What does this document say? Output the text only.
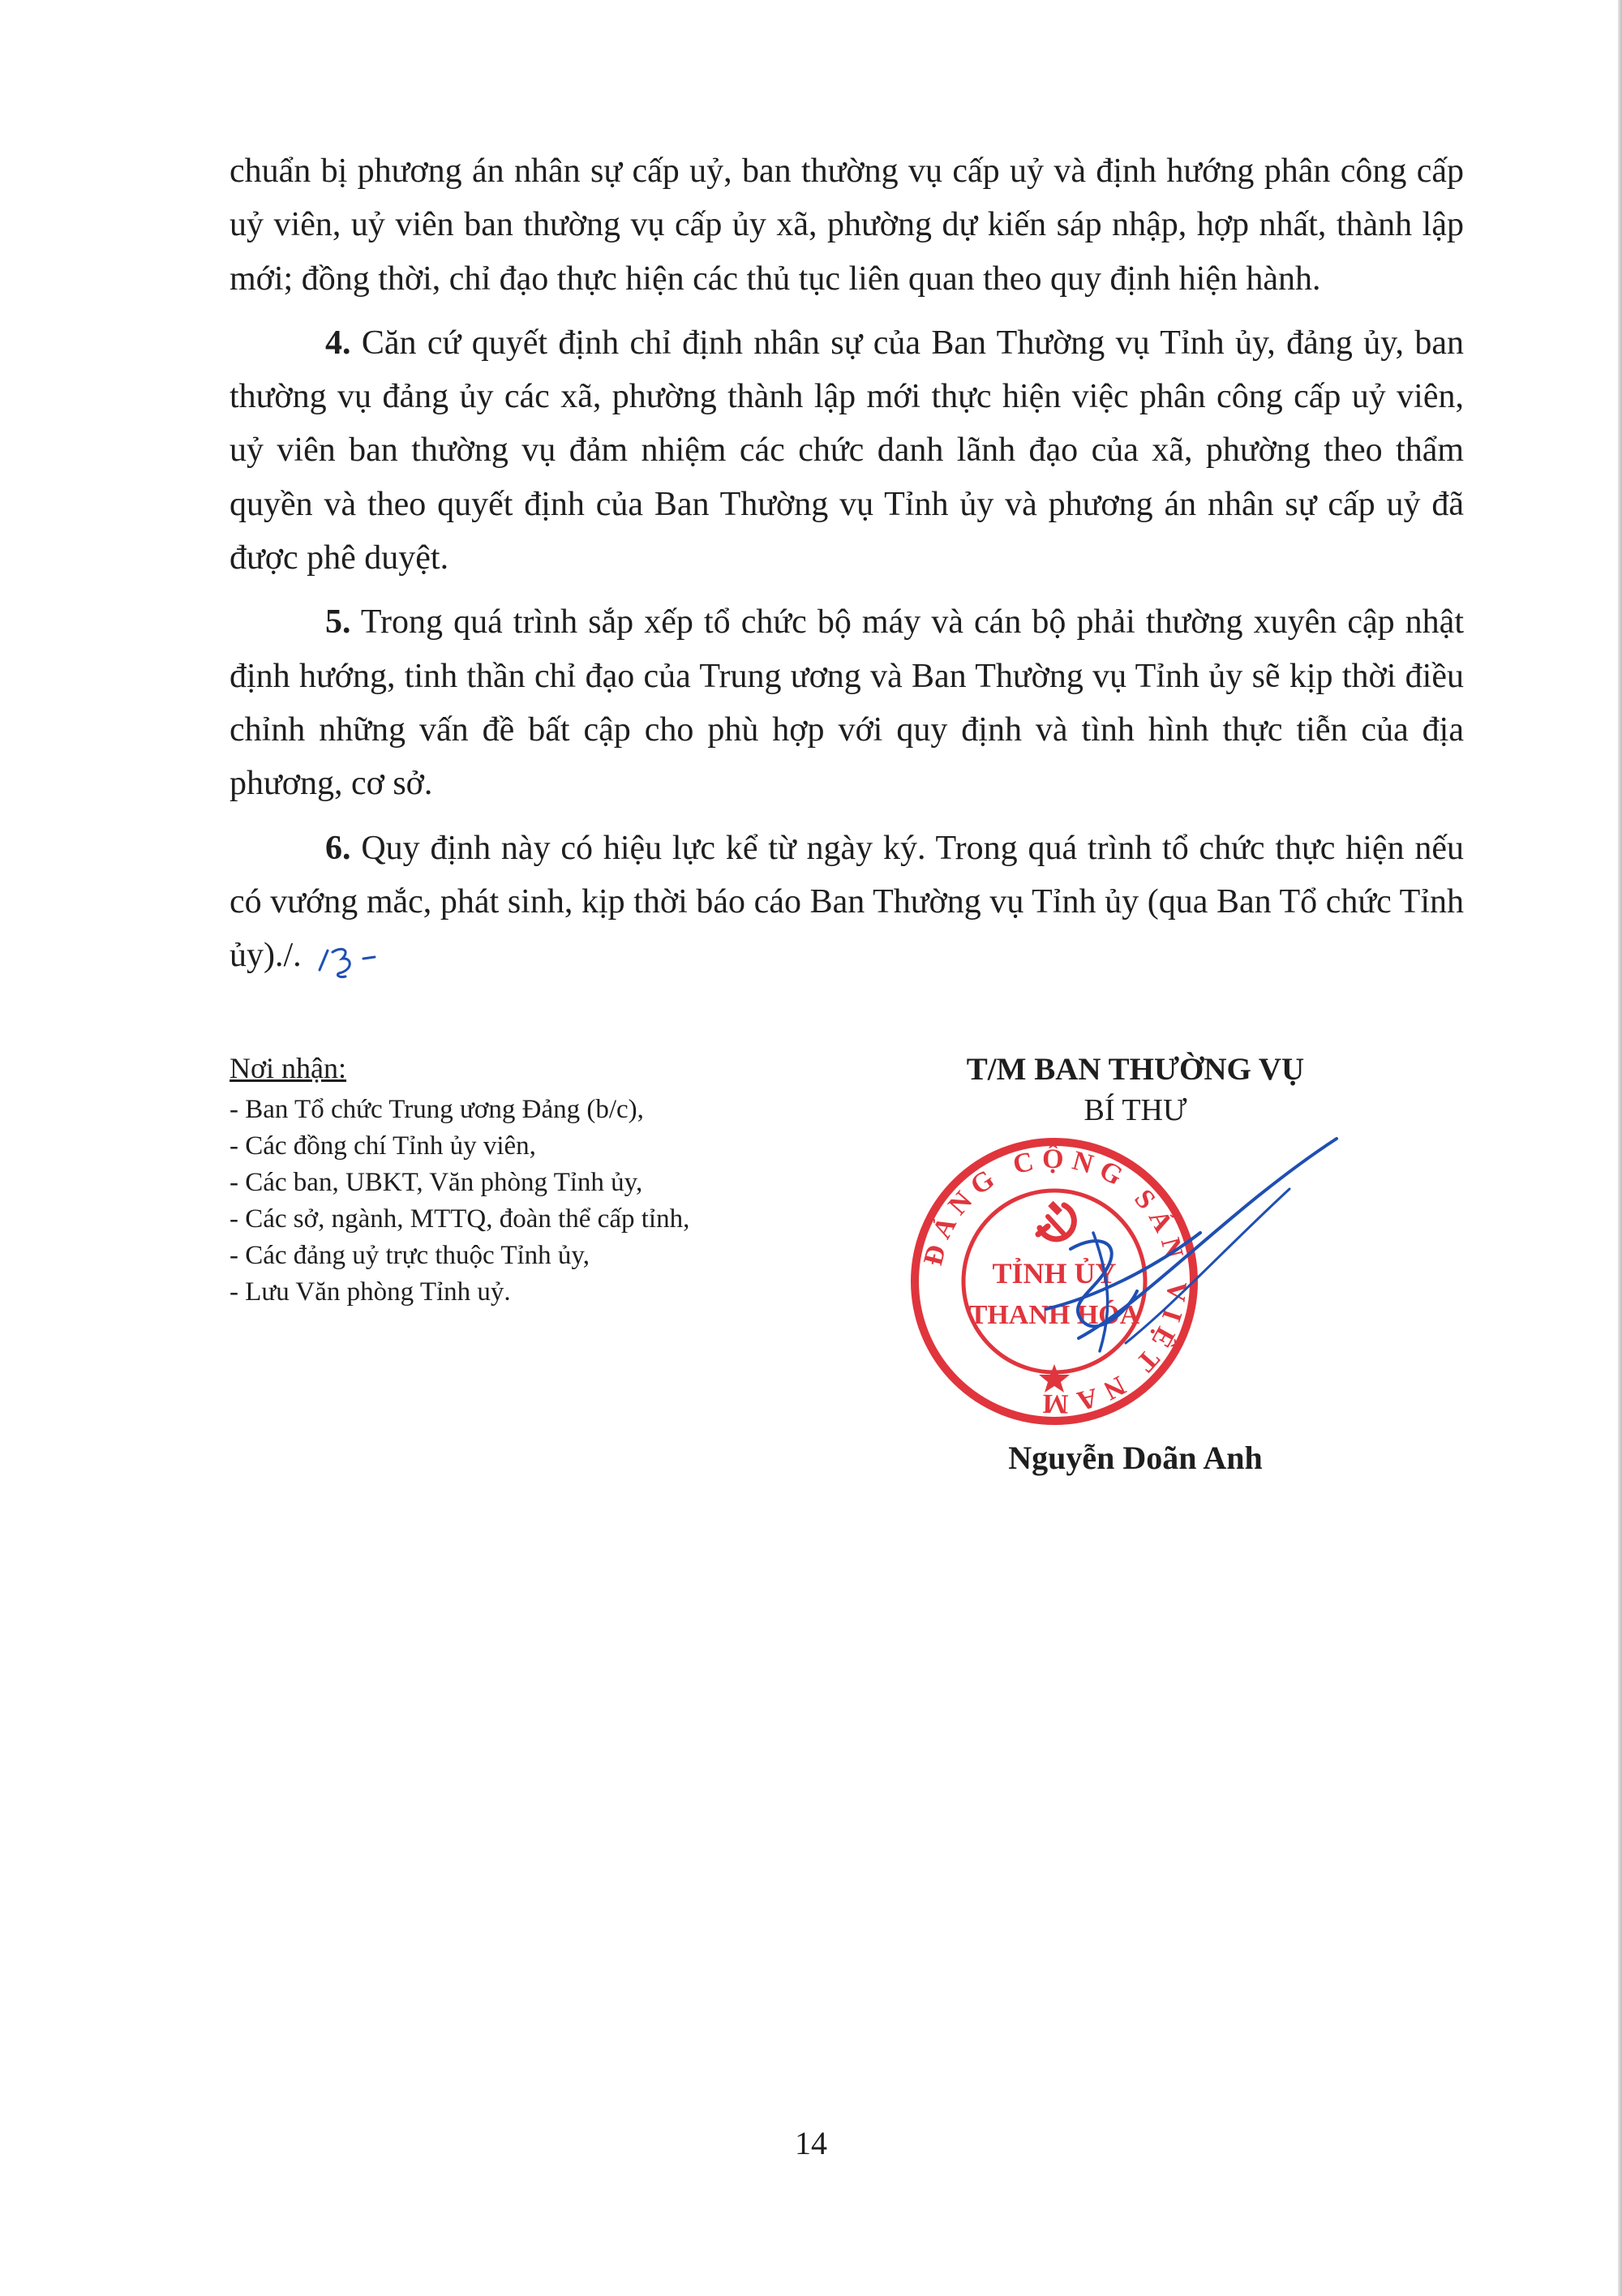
chuẩn bị phương án nhân sự cấp uỷ, ban thường vụ cấp uỷ và định hướng phân công cấp uỷ viên, uỷ viên ban thường vụ cấp ủy xã, phường dự kiến sáp nhập, hợp nhất, thành lập mới; đồng thời, chỉ đạo thực hiện các thủ tục liên quan theo quy định hiện hành.

4. Căn cứ quyết định chỉ định nhân sự của Ban Thường vụ Tỉnh ủy, đảng ủy, ban thường vụ đảng ủy các xã, phường thành lập mới thực hiện việc phân công cấp uỷ viên, uỷ viên ban thường vụ đảm nhiệm các chức danh lãnh đạo của xã, phường theo thẩm quyền và theo quyết định của Ban Thường vụ Tỉnh ủy và phương án nhân sự cấp uỷ đã được phê duyệt.

5. Trong quá trình sắp xếp tổ chức bộ máy và cán bộ phải thường xuyên cập nhật định hướng, tinh thần chỉ đạo của Trung ương và Ban Thường vụ Tỉnh ủy sẽ kịp thời điều chỉnh những vấn đề bất cập cho phù hợp với quy định và tình hình thực tiễn của địa phương, cơ sở.

6. Quy định này có hiệu lực kể từ ngày ký. Trong quá trình tổ chức thực hiện nếu có vướng mắc, phát sinh, kịp thời báo cáo Ban Thường vụ Tỉnh ủy (qua Ban Tổ chức Tỉnh ủy)./.

Nơi nhận:
- Ban Tổ chức Trung ương Đảng (b/c),
- Các đồng chí Tỉnh ủy viên,
- Các ban, UBKT, Văn phòng Tỉnh ủy,
- Các sở, ngành, MTTQ, đoàn thể cấp tỉnh,
- Các đảng uỷ trực thuộc Tỉnh ủy,
- Lưu Văn phòng Tỉnh uỷ.
T/M BAN THƯỜNG VỤ
BÍ THƯ
ĐẢNG CỘNG SẢN VIỆT NAM
TỈNH ỦY
THANH HÓA
Nguyễn Doãn Anh
14
